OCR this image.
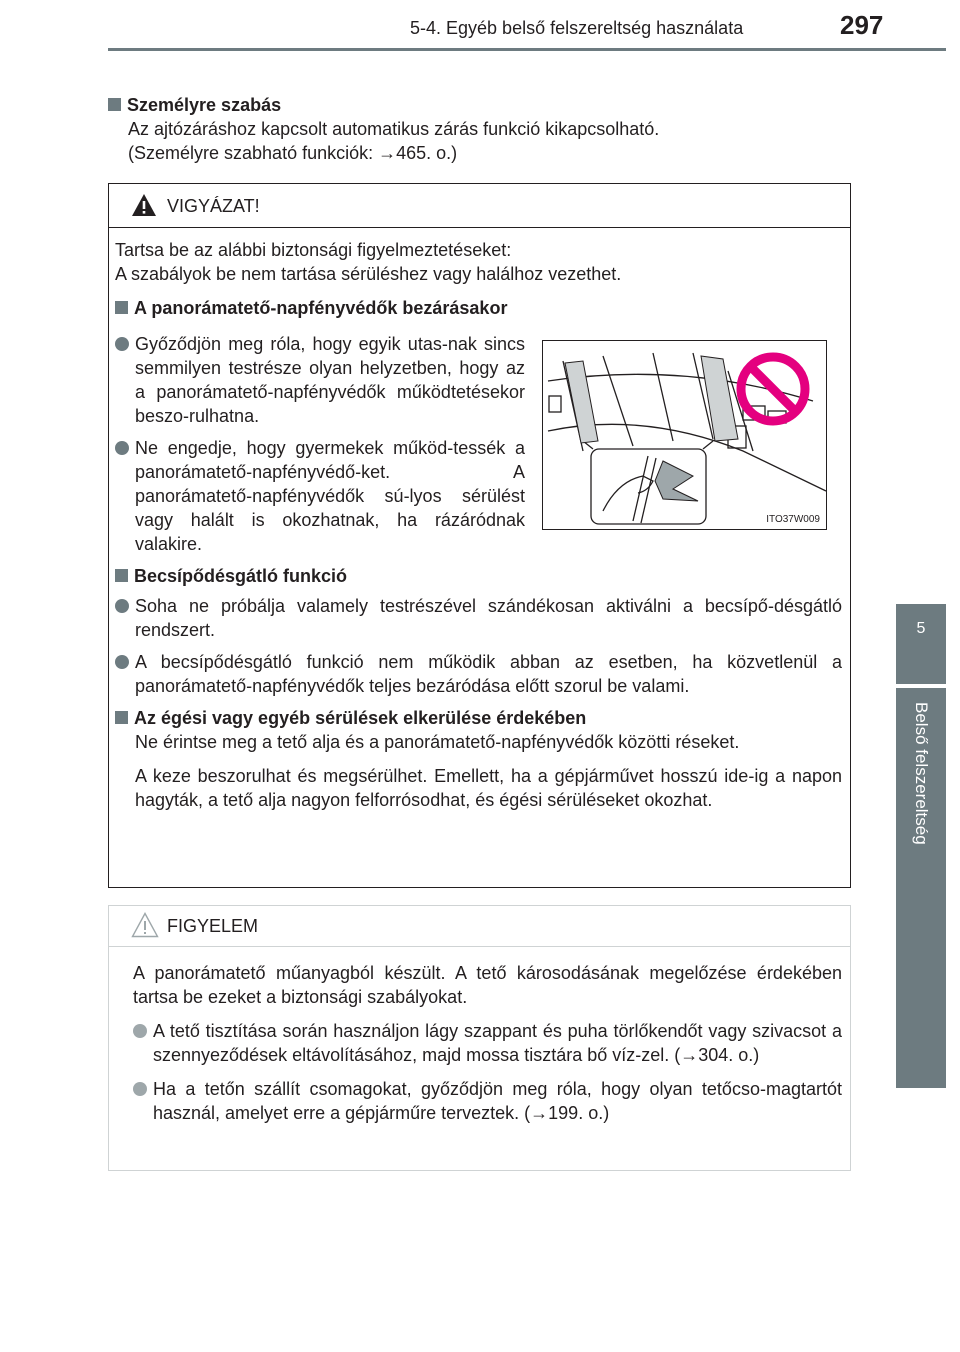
5-4. Egyéb belső felszereltség használata	297
5
Belső felszereltség

Személyre szabás

Az ajtózáráshoz kapcsolt automatikus zárás funkció kikapcsolható.

(Személyre szabható funkciók: →465. o.)

VIGYÁZAT!

Tartsa be az alábbi biztonsági figyelmeztetéseket:

A szabályok be nem tartása sérüléshez vagy halálhoz vezethet.

A panorámatető-napfényvédők bezárásakor

Győződjön meg róla, hogy egyik utas-nak sincs semmilyen testrésze olyan helyzetben, hogy az a panorámatető-napfényvédők működtetésekor beszo-rulhatna.
Ne engedje, hogy gyermekek működ-tessék a panorámatető-napfényvédő-ket. A panorámatető-napfényvédők sú-lyos sérülést vagy halált is okozhatnak, ha rázáródnak valakire.

Becsípődésgátló funkció

Soha ne próbálja valamely testrészével szándékosan aktiválni a becsípő-désgátló rendszert.
A becsípődésgátló funkció nem működik abban az esetben, ha közvetlenül a panorámatető-napfényvédők teljes bezáródása előtt szorul be valami.

Az égési vagy egyéb sérülések elkerülése érdekében

Ne érintse meg a tető alja és a panorámatető-napfényvédők közötti réseket.

A keze beszorulhat és megsérülhet. Emellett, ha a gépjárművet hosszú ide-ig a napon hagyták, a tető alja nagyon felforrósodhat, és égési sérüléseket okozhat.

ITO37W009
FIGYELEM

A panorámatető műanyagból készült. A tető károsodásának megelőzése érdekében tartsa be ezeket a biztonsági szabályokat.

A tető tisztítása során használjon lágy szappant és puha törlőkendőt vagy szivacsot a szennyeződések eltávolításához, majd mossa tisztára bő víz-zel. (→304. o.)
Ha a tetőn szállít csomagokat, győződjön meg róla, hogy olyan tetőcso-magtartót használ, amelyet erre a gépjárműre terveztek. (→199. o.)
